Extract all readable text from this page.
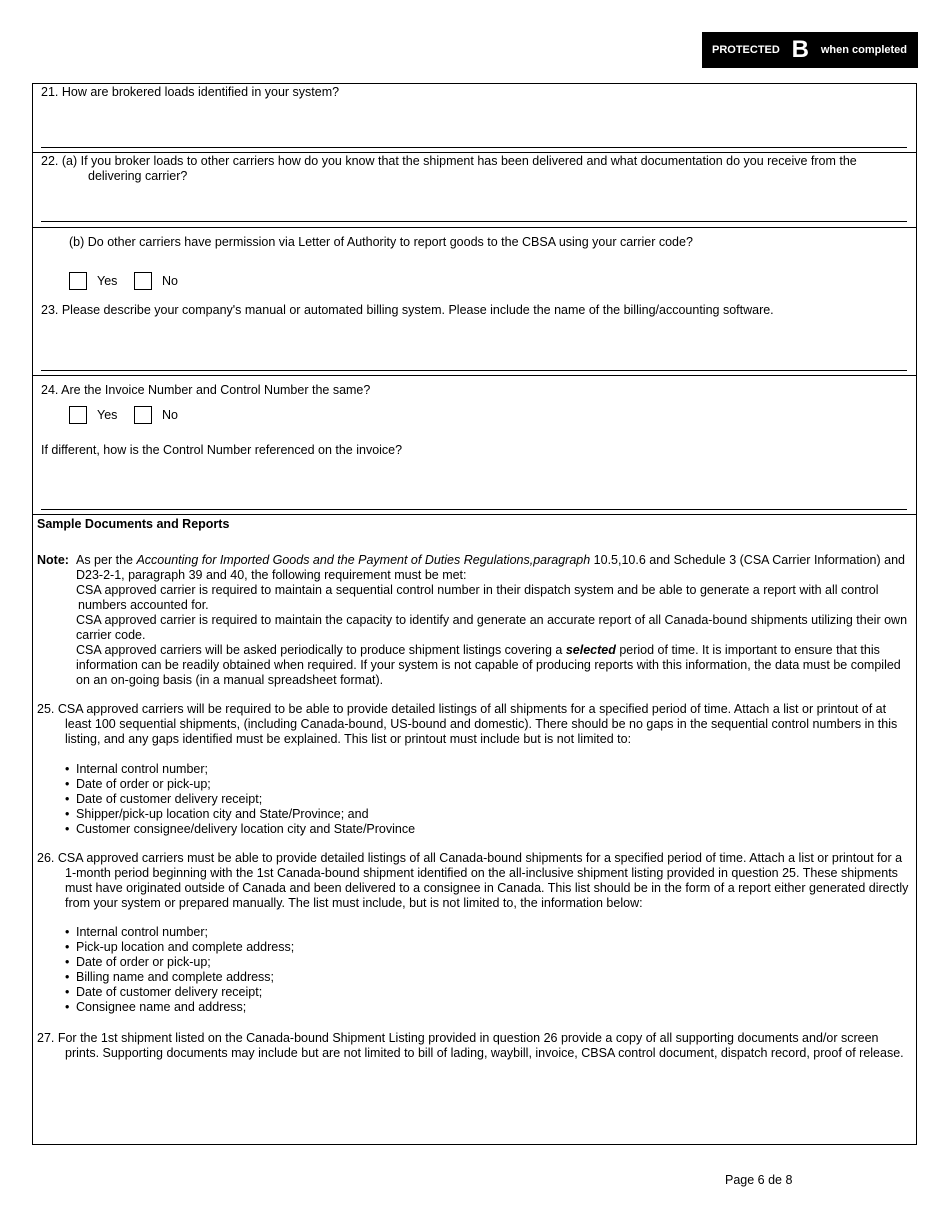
PROTECTED B when completed
21. How are brokered loads identified in your system?
22. (a) If you broker loads to other carriers how do you know that the shipment has been delivered and what documentation do you receive from the
delivering carrier?
(b) Do other carriers have permission via Letter of Authority to report goods to the CBSA using your carrier code?
Yes	No
23. Please describe your company's manual or automated billing system. Please include the name of the billing/accounting software.
24. Are the Invoice Number and Control Number the same?
Yes	No
If different, how is the Control Number referenced on the invoice?
Sample Documents and Reports
Note: As per the Accounting for Imported Goods and the Payment of Duties Regulations,paragraph 10.5,10.6 and Schedule 3 (CSA Carrier Information) and
D23-2-1, paragraph 39 and 40, the following requirement must be met:
CSA approved carrier is required to maintain a sequential control number in their dispatch system and be able to generate a report with all control
numbers accounted for.
CSA approved carrier is required to maintain the capacity to identify and generate an accurate report of all Canada-bound shipments utilizing their own
carrier code.
CSA approved carriers will be asked periodically to produce shipment listings covering a selected period of time. It is important to ensure that this
information can be readily obtained when required. If your system is not capable of producing reports with this information, the data must be compiled
on an on-going basis (in a manual spreadsheet format).
25. CSA approved carriers will be required to be able to provide detailed listings of all shipments for a specified period of time. Attach a list or printout of at
least 100 sequential shipments, (including Canada-bound, US-bound and domestic). There should be no gaps in the sequential control numbers in this
listing, and any gaps identified must be explained. This list or printout must include but is not limited to:
• Internal control number;
• Date of order or pick-up;
• Date of customer delivery receipt;
• Shipper/pick-up location city and State/Province; and
• Customer consignee/delivery location city and State/Province
26. CSA approved carriers must be able to provide detailed listings of all Canada-bound shipments for a specified period of time. Attach a list or printout for a
1-month period beginning with the 1st Canada-bound shipment identified on the all-inclusive shipment listing provided in question 25. These shipments
must have originated outside of Canada and been delivered to a consignee in Canada. This list should be in the form of a report either generated directly
from your system or prepared manually. The list must include, but is not limited to, the information below:
• Internal control number;
• Pick-up location and complete address;
• Date of order or pick-up;
• Billing name and complete address;
• Date of customer delivery receipt;
• Consignee name and address;
27. For the 1st shipment listed on the Canada-bound Shipment Listing provided in question 26 provide a copy of all supporting documents and/or screen
prints. Supporting documents may include but are not limited to bill of lading, waybill, invoice, CBSA control document, dispatch record, proof of release.
Page 6 de 8
